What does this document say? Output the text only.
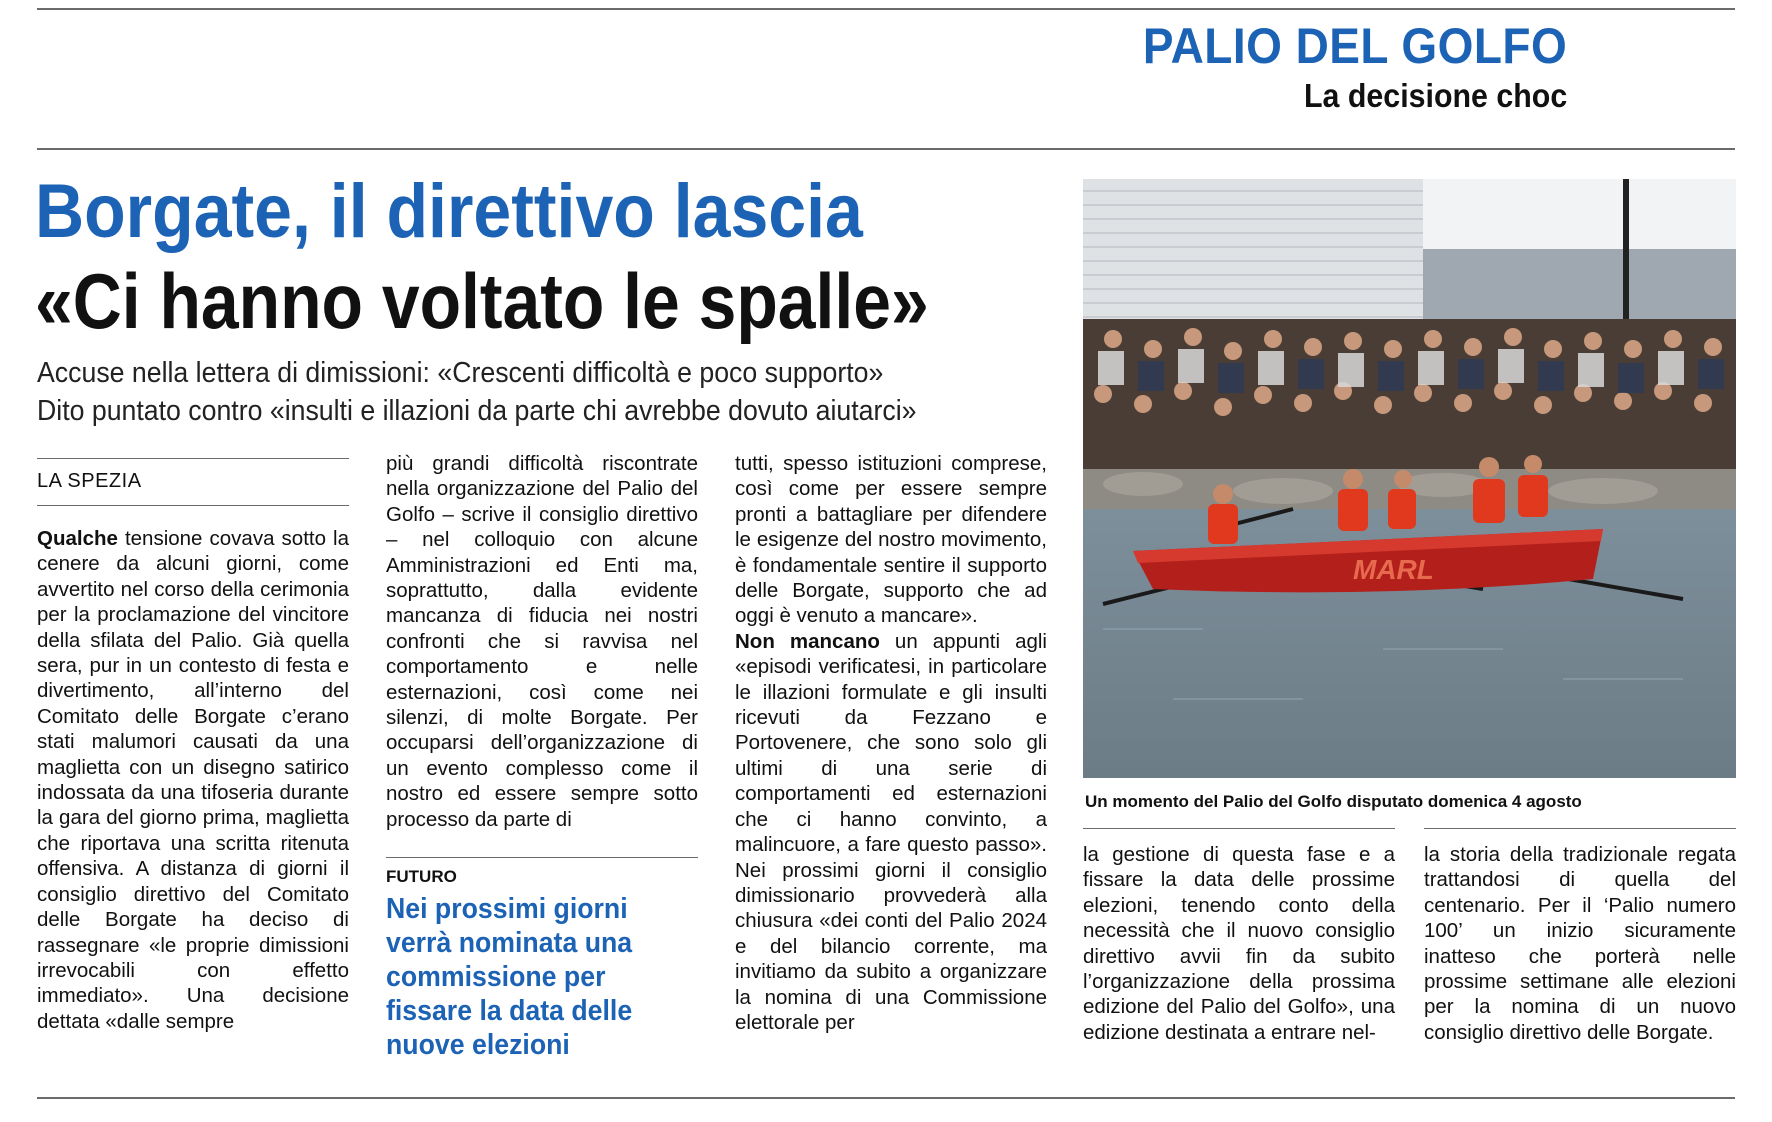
PALIO DEL GOLFO
La decisione choc
Borgate, il direttivo lascia
«Ci hanno voltato le spalle»
Accuse nella lettera di dimissioni: «Crescenti difficoltà e poco supporto»
Dito puntato contro «insulti e illazioni da parte chi avrebbe dovuto aiutarci»
LA SPEZIA

Qualche tensione covava sotto la cenere da alcuni giorni, come avvertito nel corso della cerimonia per la proclamazione del vincitore della sfilata del Palio. Già quella sera, pur in un contesto di festa e divertimento, all’interno del Comitato delle Borgate c’erano stati malumori causati da una maglietta con un disegno satirico indossata da una tifoseria durante la gara del giorno prima, maglietta che riportava una scritta ritenuta offensiva. A distanza di giorni il consiglio direttivo del Comitato delle Borgate ha deciso di rassegnare «le proprie dimissioni irrevocabili con effetto immediato». Una decisione dettata «dalle sempre

più grandi difficoltà riscontrate nella organizzazione del Palio del Golfo – scrive il consiglio direttivo – nel colloquio con alcune Amministrazioni ed Enti ma, soprattutto, dalla evidente mancanza di fiducia nei nostri confronti che si ravvisa nel comportamento e nelle esternazioni, così come nei silenzi, di molte Borgate. Per occuparsi dell’organizzazione di un evento complesso come il nostro ed essere sempre sotto processo da parte di

FUTURO
Nei prossimi giorni verrà nominata una commissione per fissare la data delle nuove elezioni

tutti, spesso istituzioni comprese, così come per essere sempre pronti a battagliare per difendere le esigenze del nostro movimento, è fondamentale sentire il supporto delle Borgate, supporto che ad oggi è venuto a mancare».

Non mancano un appunti agli «episodi verificatesi, in particolare le illazioni formulate e gli insulti ricevuti da Fezzano e Portovenere, che sono solo gli ultimi di una serie di comportamenti ed esternazioni che ci hanno convinto, a malincuore, a fare questo passo». Nei prossimi giorni il consiglio dimissionario provvederà alla chiusura «dei conti del Palio 2024 e del bilancio corrente, ma invitiamo da subito a organizzare la nomina di una Commissione elettorale per

MARL
Un momento del Palio del Golfo disputato domenica 4 agosto

la gestione di questa fase e a fissare la data delle prossime elezioni, tenendo conto della necessità che il nuovo consiglio direttivo avvii fin da subito l’organizzazione della prossima edizione del Palio del Golfo», una edizione destinata a entrare nel-

la storia della tradizionale regata trattandosi di quella del centenario. Per il ‘Palio numero 100’ un inizio sicuramente inatteso che porterà nelle prossime settimane alle elezioni per la nomina di un nuovo consiglio direttivo delle Borgate.
